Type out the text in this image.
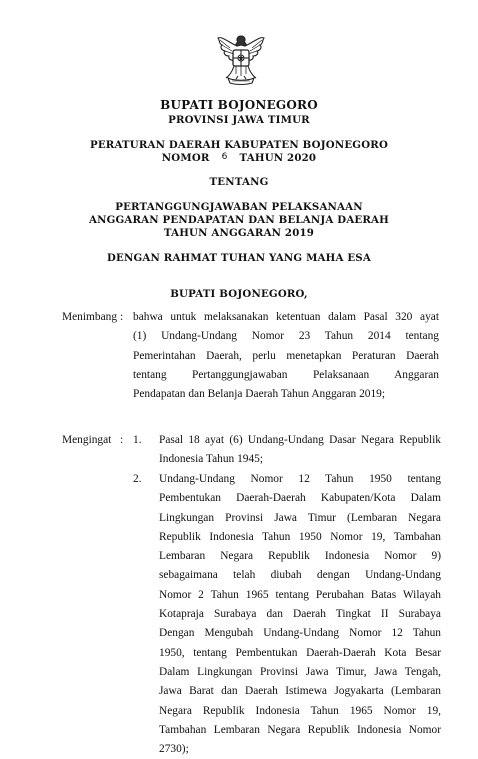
BUPATI BOJONEGORO
PROVINSI JAWA TIMUR
PERATURAN DAERAH KABUPATEN BOJONEGORO
NOMOR 6 TAHUN 2020
TENTANG
PERTANGGUNGJAWABAN PELAKSANAAN
ANGGARAN PENDAPATAN DAN BELANJA DAERAH
TAHUN ANGGARAN 2019
DENGAN RAHMAT TUHAN YANG MAHA ESA
BUPATI BOJONEGORO,
Menimbang : bahwa untuk melaksanakan ketentuan dalam Pasal 320 ayat
(1) Undang-Undang Nomor 23 Tahun 2014 tentang
Pemerintahan Daerah, perlu menetapkan Peraturan Daerah
tentang Pertanggungjawaban Pelaksanaan Anggaran
Pendapatan dan Belanja Daerah Tahun Anggaran 2019;
Mengingat : 1. Pasal 18 ayat (6) Undang-Undang Dasar Negara Republik
Indonesia Tahun 1945;
2. Undang-Undang Nomor 12 Tahun 1950 tentang
Pembentukan Daerah-Daerah Kabupaten/Kota Dalam
Lingkungan Provinsi Jawa Timur (Lembaran Negara
Republik Indonesia Tahun 1950 Nomor 19, Tambahan
Lembaran Negara Republik Indonesia Nomor 9)
sebagaimana telah diubah dengan Undang-Undang
Nomor 2 Tahun 1965 tentang Perubahan Batas Wilayah
Kotapraja Surabaya dan Daerah Tingkat II Surabaya
Dengan Mengubah Undang-Undang Nomor 12 Tahun
1950, tentang Pembentukan Daerah-Daerah Kota Besar
Dalam Lingkungan Provinsi Jawa Timur, Jawa Tengah,
Jawa Barat dan Daerah Istimewa Jogyakarta (Lembaran
Negara Republik Indonesia Tahun 1965 Nomor 19,
Tambahan Lembaran Negara Republik Indonesia Nomor
2730);
